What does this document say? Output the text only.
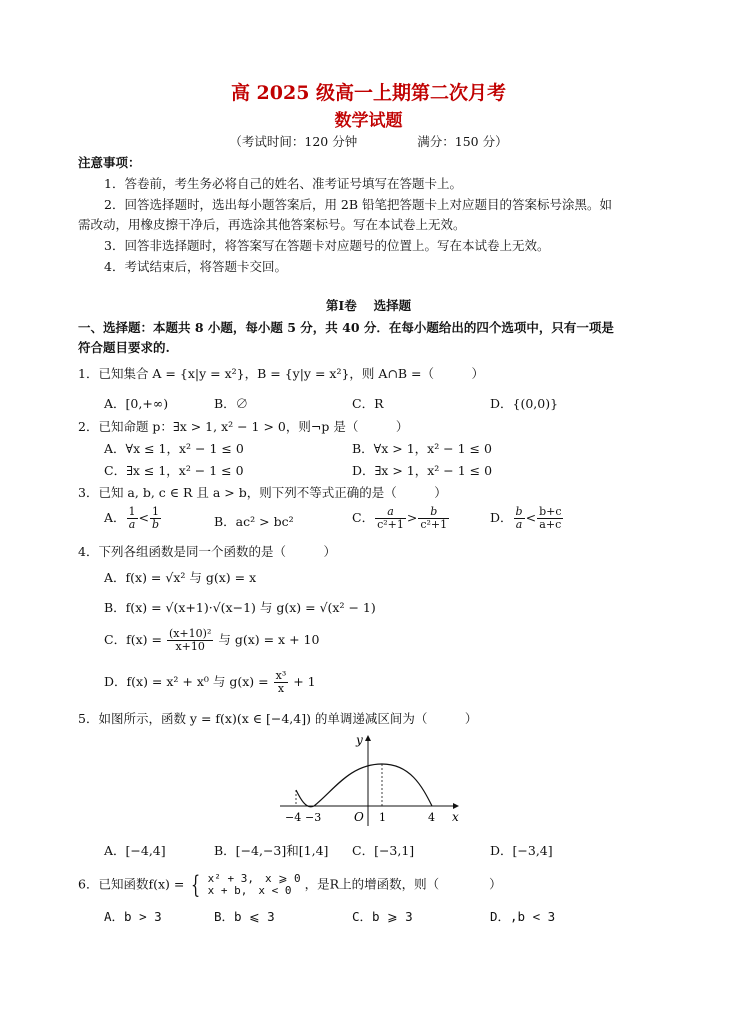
高 2025 级高一上期第二次月考
数学试题
（考试时间：120 分钟	满分：150 分）
注意事项：
1．答卷前，考生务必将自己的姓名、准考证号填写在答题卡上。
2．回答选择题时，选出每小题答案后，用 2B 铅笔把答题卡上对应题目的答案标号涂黑。如
需改动，用橡皮擦干净后，再选涂其他答案标号。写在本试卷上无效。
3．回答非选择题时，将答案写在答题卡对应题号的位置上。写在本试卷上无效。
4．考试结束后，将答题卡交回。
第Ⅰ卷　 选择题
一、选择题：本题共 8 小题，每小题 5 分，共 40 分．在每小题给出的四个选项中，只有一项是
符合题目要求的.
1．已知集合 A = {x|y = x²}，B = {y|y = x²}，则 A∩B =（　　　）
A．[0,+∞)	B．∅	C．R	D．{(0,0)}
2．已知命题 p：∃x > 1, x² − 1 > 0，则¬p 是（　　　）
A．∀x ≤ 1，x² − 1 ≤ 0	B．∀x > 1，x² − 1 ≤ 0
C．∃x ≤ 1，x² − 1 ≤ 0	D．∃x > 1，x² − 1 ≤ 0
3．已知 a, b, c ∈ R 且 a > b，则下列不等式正确的是（　　　）
A． $\frac{1}{a} < \frac{1}{b}$	B．ac² > bc²	C． $\frac{a}{\text{c²+1}} > \frac{b}{\text{c²+1}}$	D． $\frac{b}{a} < \frac{b+c}{a+c}$
4．下列各组函数是同一个函数的是（　　　）
A．f(x) = √x² 与 g(x) = x
B．f(x) = √(x+1)·√(x−1) 与 g(x) = √(x² − 1)
C．$f(x) = \frac{\text{(x+10)²}}{x+10}$ 与 g(x) = x + 10
D．f(x) = x² + x⁰ 与 $g(x) = \frac{\text{x³}}{x} + 1$
5．如图所示，函数 y = f(x)(x ∈ [−4,4]) 的单调递减区间为（　　　）
y
x
O
−4 −3	1	4
A．[−4,4]	B．[−4,−3]和[1,4] C．[−3,1]	D．[−3,4]
6．已知函数f(x) = { x² + 3,　x ⩾ 0
x + b,　x < 0	，是R上的增函数，则（　　　　）
A．b > 3	B．b ⩽ 3	C．b ⩾ 3	D．,b < 3
